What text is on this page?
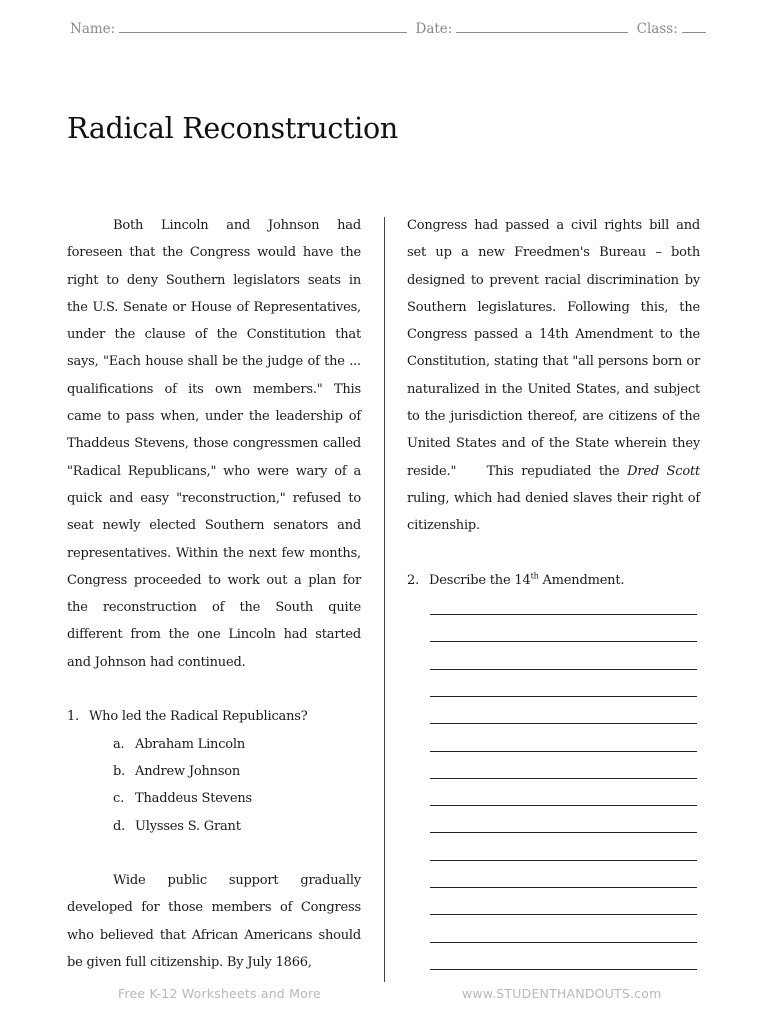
Name:	Date:	Class:
Radical Reconstruction

Both Lincoln and Johnson had foreseen that the Congress would have the right to deny Southern legislators seats in the U.S. Senate or House of Representatives, under the clause of the Constitution that says, "Each house shall be the judge of the ... qualifications of its own members." This came to pass when, under the leadership of Thaddeus Stevens, those congressmen called "Radical Republicans," who were wary of a quick and easy "reconstruction," refused to seat newly elected Southern senators and representatives. Within the next few months, Congress proceeded to work out a plan for the reconstruction of the South quite different from the one Lincoln had started and Johnson had continued.

1. Who led the Radical Republicans?

a. Abraham Lincoln

b. Andrew Johnson

c. Thaddeus Stevens

d. Ulysses S. Grant

Wide public support gradually developed for those members of Congress who believed that African Americans should be given full citizenship. By July 1866,

Congress had passed a civil rights bill and set up a new Freedmen's Bureau – both designed to prevent racial discrimination by Southern legislatures. Following this, the Congress passed a 14th Amendment to the Constitution, stating that "all persons born or naturalized in the United States, and subject to the jurisdiction thereof, are citizens of the United States and of the State wherein they reside." This repudiated the Dred Scott ruling, which had denied slaves their right of citizenship.

2. Describe the 14th Amendment.

Free K-12 Worksheets and More	www.STUDENTHANDOUTS.com
